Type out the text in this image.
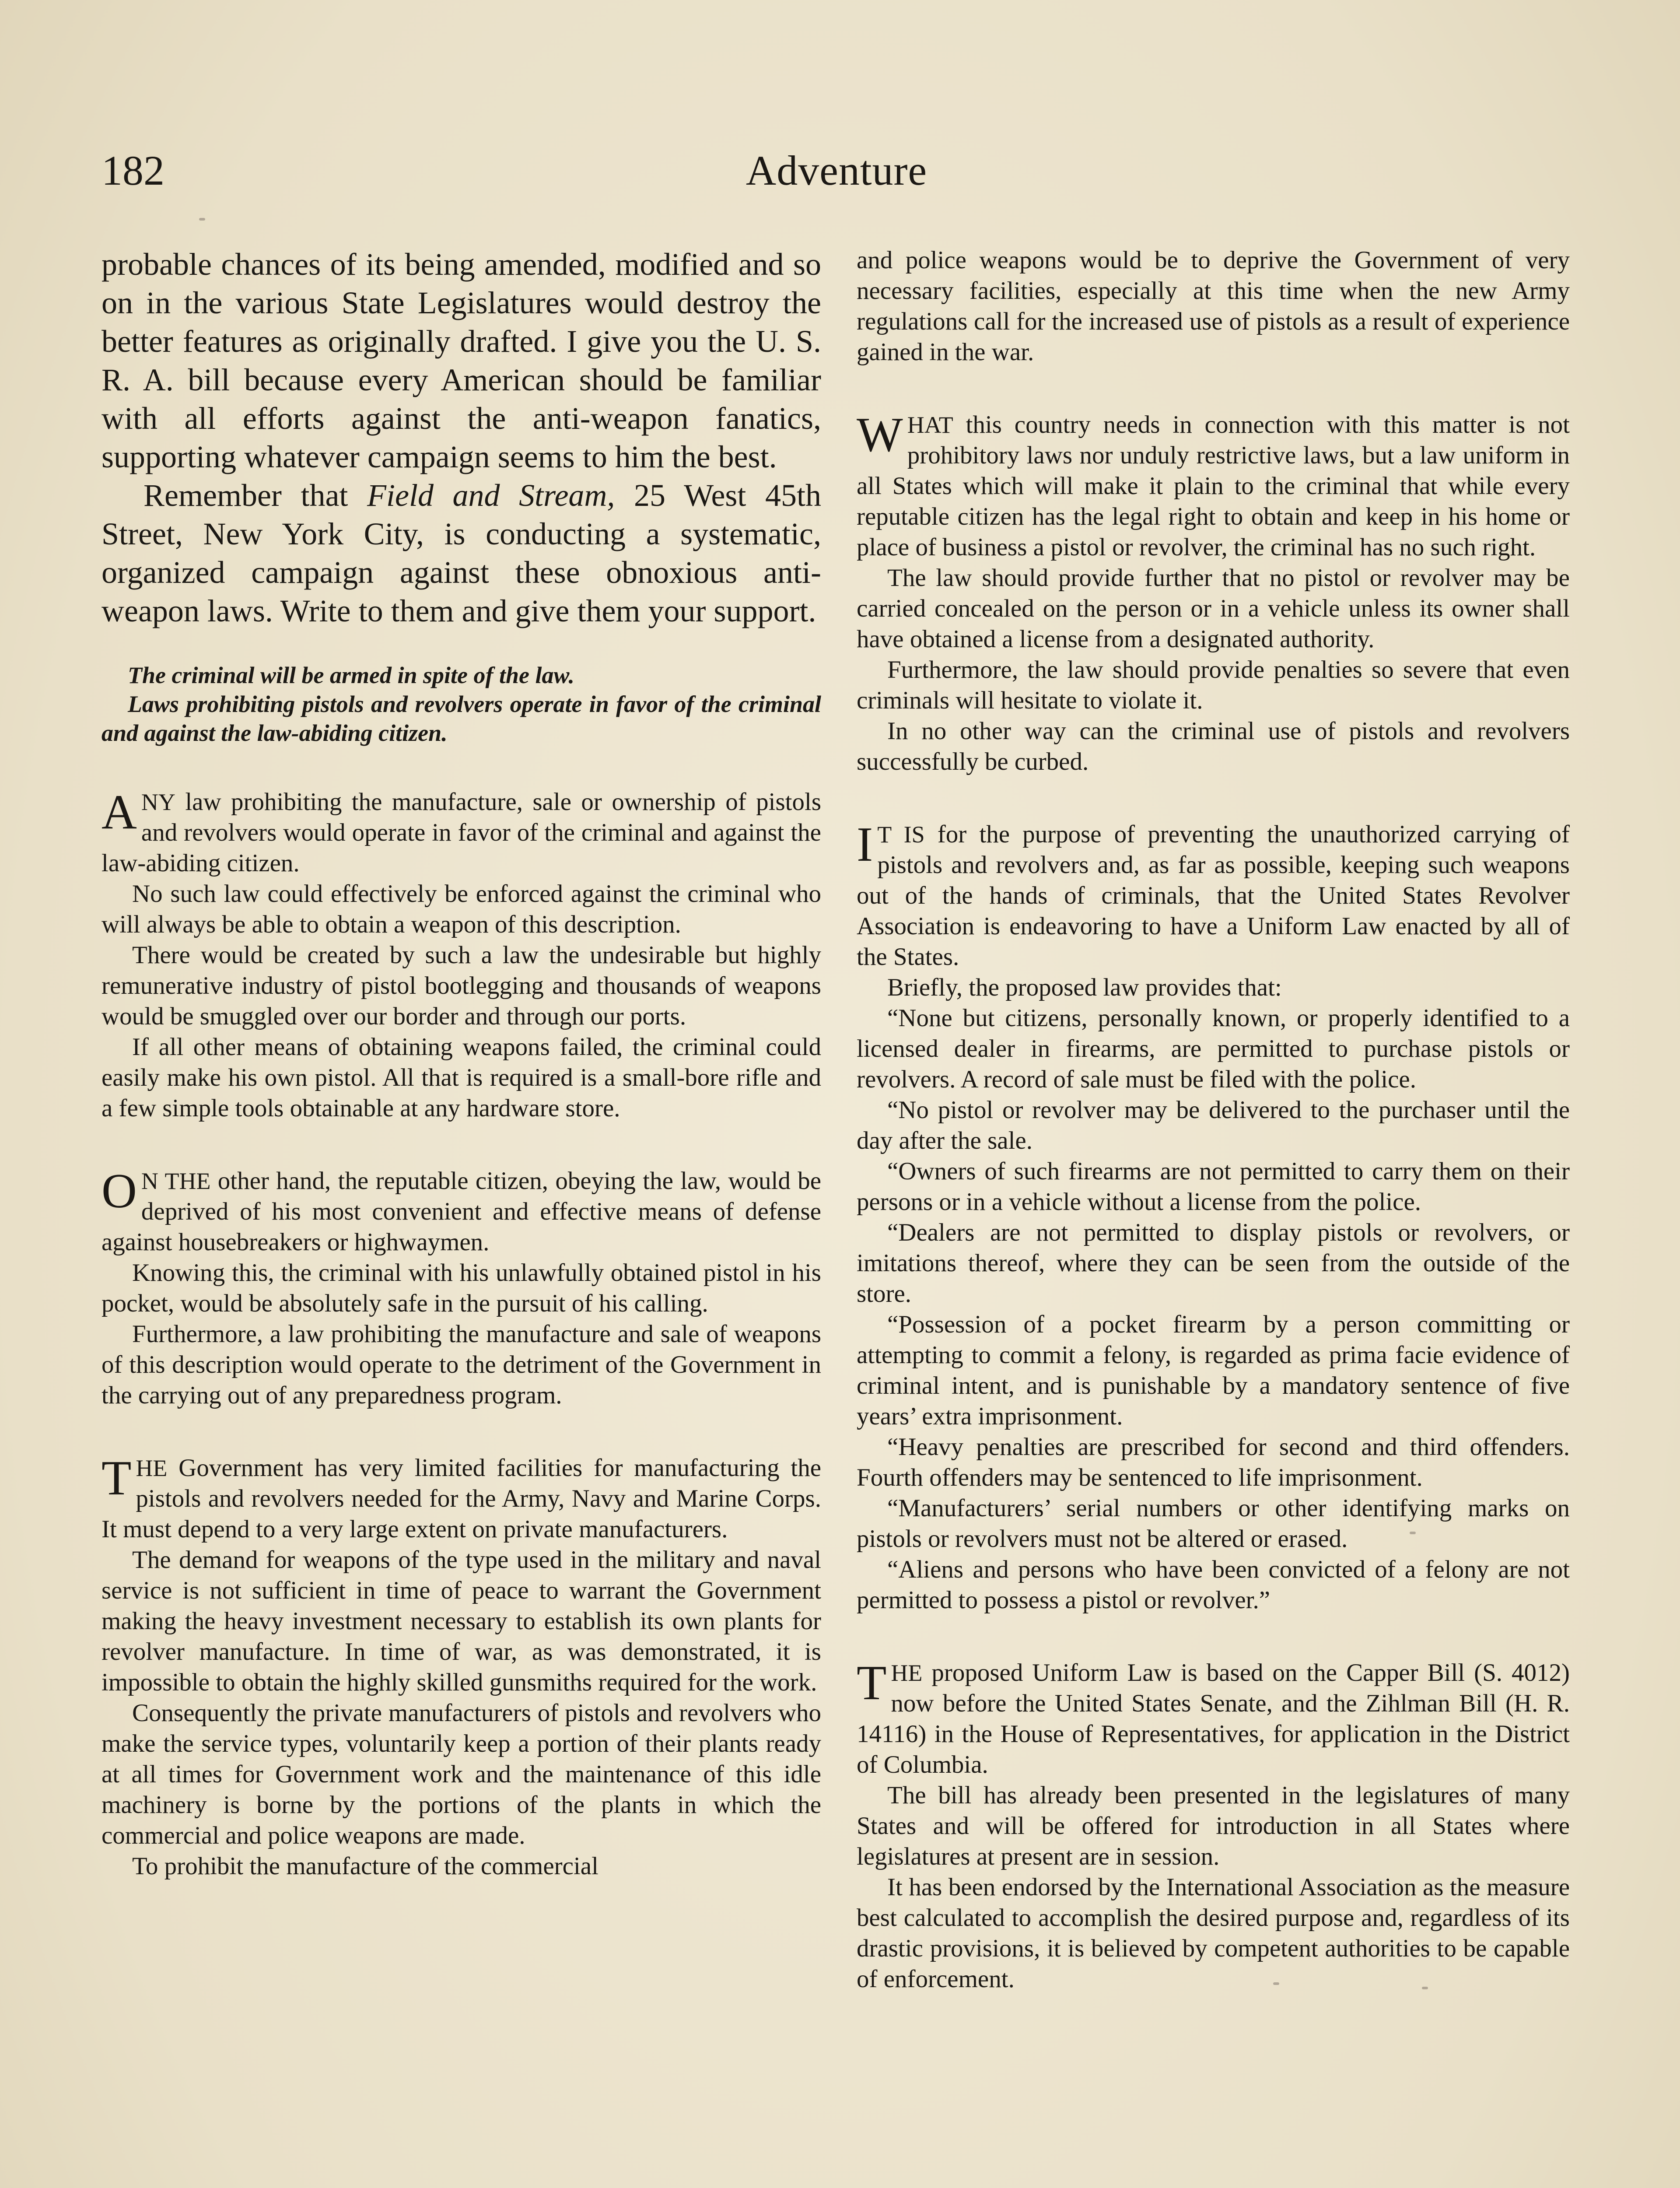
182	Adventure

probable chances of its being amended, modified and so on in the various State Legislatures would destroy the better features as originally drafted. I give you the U. S. R. A. bill because every American should be familiar with all efforts against the anti-weapon fanatics, supporting whatever campaign seems to him the best.

Remember that Field and Stream, 25 West 45th Street, New York City, is conducting a systematic, organized campaign against these obnoxious anti-weapon laws. Write to them and give them your support.

The criminal will be armed in spite of the law.

Laws prohibiting pistols and revolvers operate in favor of the criminal and against the law-abiding citizen.

ANY law prohibiting the manufacture, sale or ownership of pistols and revolvers would operate in favor of the criminal and against the law-abiding citizen.

No such law could effectively be enforced against the criminal who will always be able to obtain a weapon of this description.

There would be created by such a law the undesirable but highly remunerative industry of pistol bootlegging and thousands of weapons would be smuggled over our border and through our ports.

If all other means of obtaining weapons failed, the criminal could easily make his own pistol. All that is required is a small-bore rifle and a few simple tools obtainable at any hardware store.

O N THE other hand, the reputable citizen, obeying the law, would be deprived of his most convenient and effective means of defense against housebreakers or highwaymen.

Knowing this, the criminal with his unlawfully obtained pistol in his pocket, would be absolutely safe in the pursuit of his calling.

Furthermore, a law prohibiting the manufacture and sale of weapons of this description would operate to the detriment of the Government in the carrying out of any preparedness program.

THE Government has very limited facilities for manufacturing the pistols and revolvers needed for the Army, Navy and Marine Corps. It must depend to a very large extent on private manufacturers.

The demand for weapons of the type used in the military and naval service is not sufficient in time of peace to warrant the Government making the heavy investment necessary to establish its own plants for revolver manufacture. In time of war, as was demonstrated, it is impossible to obtain the highly skilled gunsmiths required for the work.

Consequently the private manufacturers of pistols and revolvers who make the service types, voluntarily keep a portion of their plants ready at all times for Government work and the maintenance of this idle machinery is borne by the portions of the plants in which the commercial and police weapons are made.

To prohibit the manufacture of the commercial

and police weapons would be to deprive the Government of very necessary facilities, especially at this time when the new Army regulations call for the increased use of pistols as a result of experience gained in the war.

WHAT this country needs in connection with this matter is not prohibitory laws nor unduly restrictive laws, but a law uniform in all States which will make it plain to the criminal that while every reputable citizen has the legal right to obtain and keep in his home or place of business a pistol or revolver, the criminal has no such right.

The law should provide further that no pistol or revolver may be carried concealed on the person or in a vehicle unless its owner shall have obtained a license from a designated authority.

Furthermore, the law should provide penalties so severe that even criminals will hesitate to violate it.

In no other way can the criminal use of pistols and revolvers successfully be curbed.

I T IS for the purpose of preventing the unauthorized carrying of pistols and revolvers and, as far as possible, keeping such weapons out of the hands of criminals, that the United States Revolver Association is endeavoring to have a Uniform Law enacted by all of the States.

Briefly, the proposed law provides that:

“None but citizens, personally known, or properly identified to a licensed dealer in firearms, are permitted to purchase pistols or revolvers. A record of sale must be filed with the police.

“No pistol or revolver may be delivered to the purchaser until the day after the sale.

“Owners of such firearms are not permitted to carry them on their persons or in a vehicle without a license from the police.

“Dealers are not permitted to display pistols or revolvers, or imitations thereof, where they can be seen from the outside of the store.

“Possession of a pocket firearm by a person committing or attempting to commit a felony, is regarded as prima facie evidence of criminal intent, and is punishable by a mandatory sentence of five years’ extra imprisonment.

“Heavy penalties are prescribed for second and third offenders. Fourth offenders may be sentenced to life imprisonment.

“Manufacturers’ serial numbers or other identifying marks on pistols or revolvers must not be altered or erased.

“Aliens and persons who have been convicted of a felony are not permitted to possess a pistol or revolver.”

THE proposed Uniform Law is based on the Capper Bill (S. 4012) now before the United States Senate, and the Zihlman Bill (H. R. 14116) in the House of Representatives, for application in the District of Columbia.

The bill has already been presented in the legislatures of many States and will be offered for introduction in all States where legislatures at present are in session.

It has been endorsed by the International Association as the measure best calculated to accomplish the desired purpose and, regardless of its drastic provisions, it is believed by competent authorities to be capable of enforcement.
